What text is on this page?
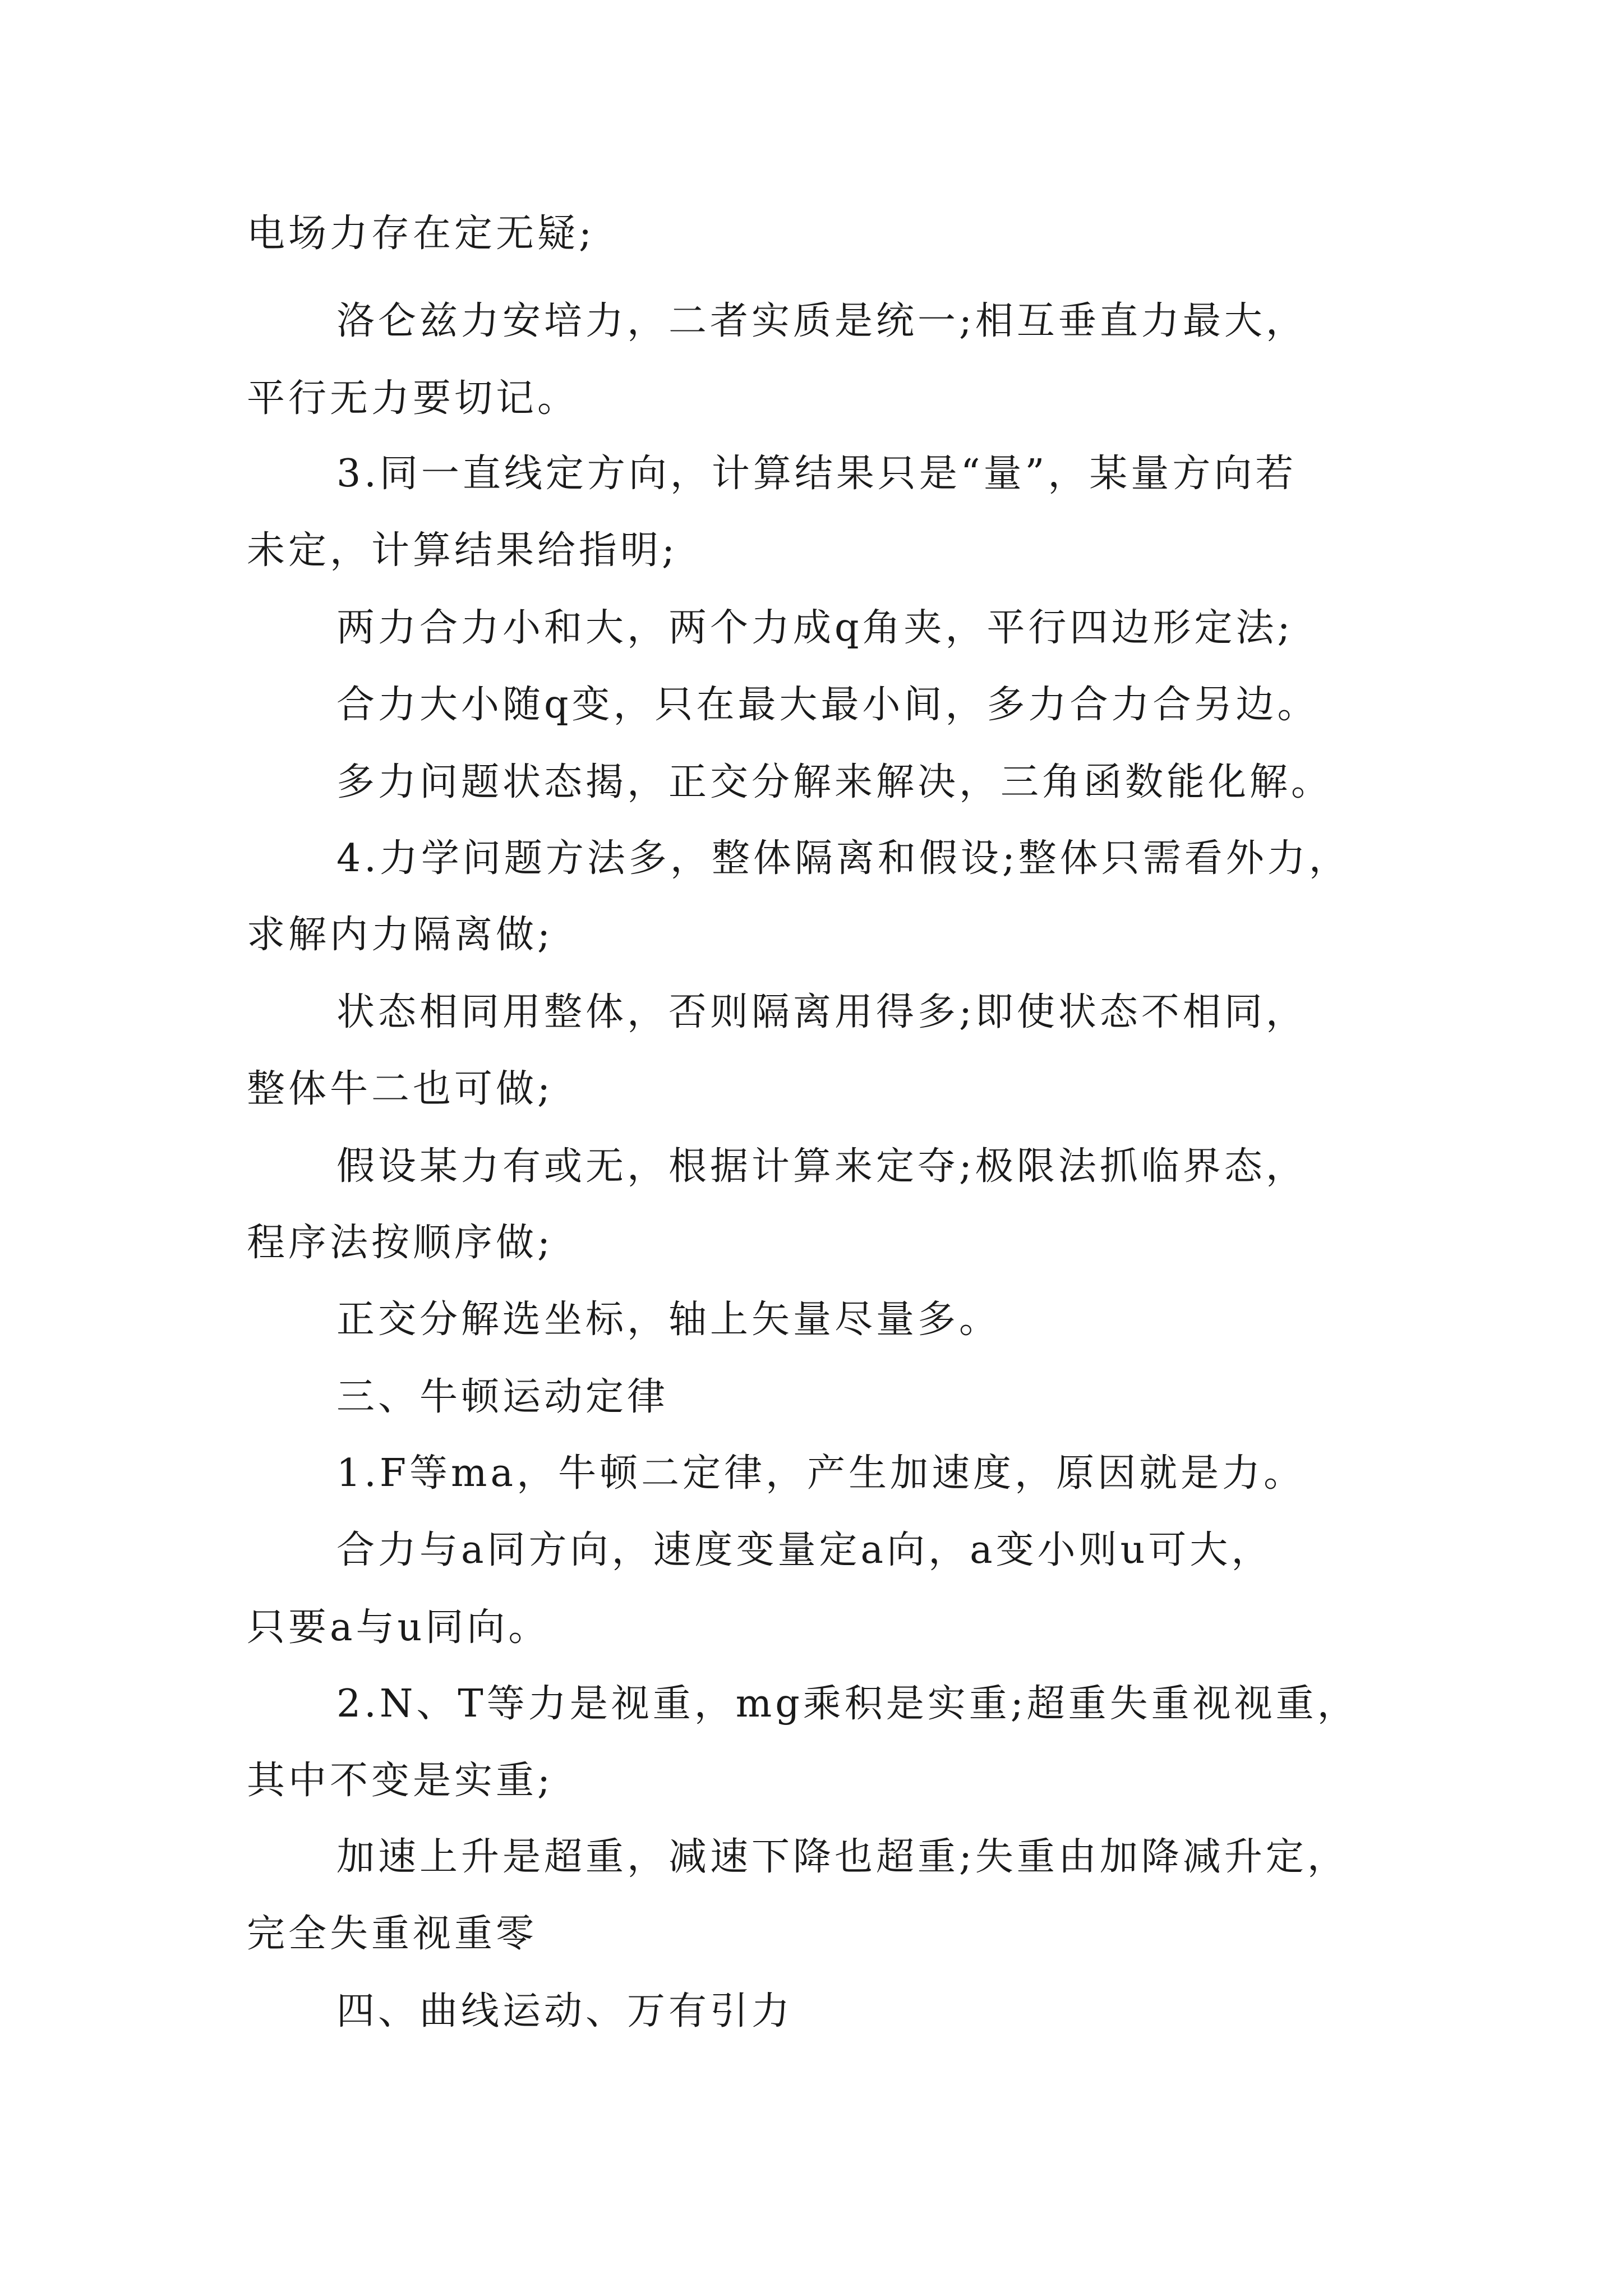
电场力存在定无疑;
洛仑兹力安培力，二者实质是统一;相互垂直力最大，
平行无力要切记。
3.同一直线定方向，计算结果只是“量”，某量方向若
未定，计算结果给指明;
两力合力小和大，两个力成q角夹，平行四边形定法;
合力大小随q变，只在最大最小间，多力合力合另边。
多力问题状态揭，正交分解来解决，三角函数能化解。
4.力学问题方法多，整体隔离和假设;整体只需看外力，
求解内力隔离做;
状态相同用整体，否则隔离用得多;即使状态不相同，
整体牛二也可做;
假设某力有或无，根据计算来定夺;极限法抓临界态，
程序法按顺序做;
正交分解选坐标，轴上矢量尽量多。
三、牛顿运动定律
1.F等ma，牛顿二定律，产生加速度，原因就是力。
合力与a同方向，速度变量定a向，a变小则u可大，
只要a与u同向。
2.N、T等力是视重，mg乘积是实重;超重失重视视重，
其中不变是实重;
加速上升是超重，减速下降也超重;失重由加降减升定，
完全失重视重零
四、曲线运动、万有引力
